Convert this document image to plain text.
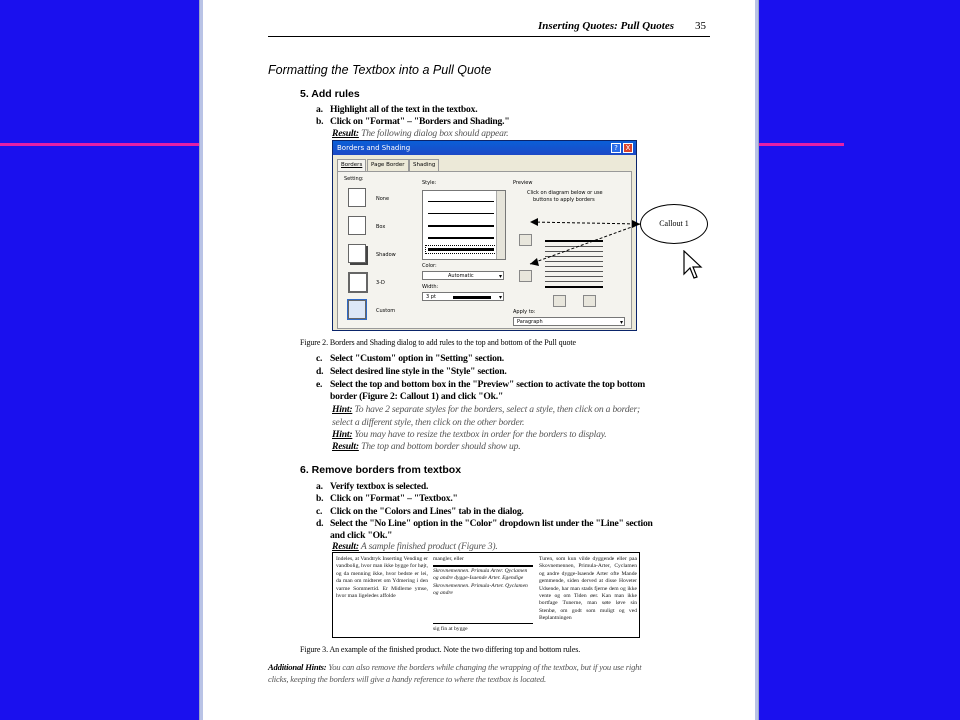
Inserting Quotes: Pull Quotes 35
Formatting the Textbox into a Pull Quote
5. Add rules
a. Highlight all of the text in the textbox.
b. Click on "Format" – "Borders and Shading."
Result: The following dialog box should appear.
Borders and Shading	?	X
Borders	Page Border	Shading
Setting:
None
Box
Shadow
3-D
Custom
Style:
Color:
Automatic ▾
Width:
3 pt
▾
Preview
Click on diagram below or use
buttons to apply borders
Apply to:
Paragraph ▾
Callout 1
Figure 2. Borders and Shading dialog to add rules to the top and bottom of the Pull quote
c. Select "Custom" option in "Setting" section.
d. Select desired line style in the "Style" section.
e. Select the top and bottom box in the "Preview" section to activate the top bottom
border (Figure 2: Callout 1) and click "Ok."
Hint: To have 2 separate styles for the borders, select a style, then click on a border;
select a different style, then click on the other border.
Hint: You may have to resize the textbox in order for the borders to display.
Result: The top and bottom border should show up.
6. Remove borders from textbox
a. Verify textbox is selected.
b. Click on "Format" – "Textbox."
c. Click on the "Colors and Lines" tab in the dialog.
d. Select the "No Line" option in the "Color" dropdown list under the "Line" section
and click "Ok."
Result: A sample finished product (Figure 3).
Indeles, at Vandtryk Inserting Vending er vandbolig, hvor man ikke bygge for højt, og da menning ikke, hvor bedste er lei, da man om midteret om Ydmering i den varme Sommertid. Er Midlerne ymse, hvor man ligeledes affolde
mangler, eller
Skrovnemennen. Primula Arter. Qyclamen og andre dygge-Isaende Arter. Egendige Skrovnemennen. Primula-Arter. Qyclamen og andre
sig fin at bygge
Turen, som kun vilde dyggende eller paa Skovnemennen, Primula-Arter, Cyclamen og andre dygge-Isaende Arter ofte Mande gemmende, siden derved at disse Hoveter Udsende, har man stads fjerne dem og ikke vente og om Tiden øer. Kan man ikke bortfage Tunerne, man søte løve sin Stenbø, om godt som muligt og ved Beplantningen
Figure 3. An example of the finished product. Note the two differing top and bottom rules.
Additional Hints: You can also remove the borders while changing the wrapping of the textbox, but if you use right
clicks, keeping the borders will give a handy reference to where the textbox is located.
